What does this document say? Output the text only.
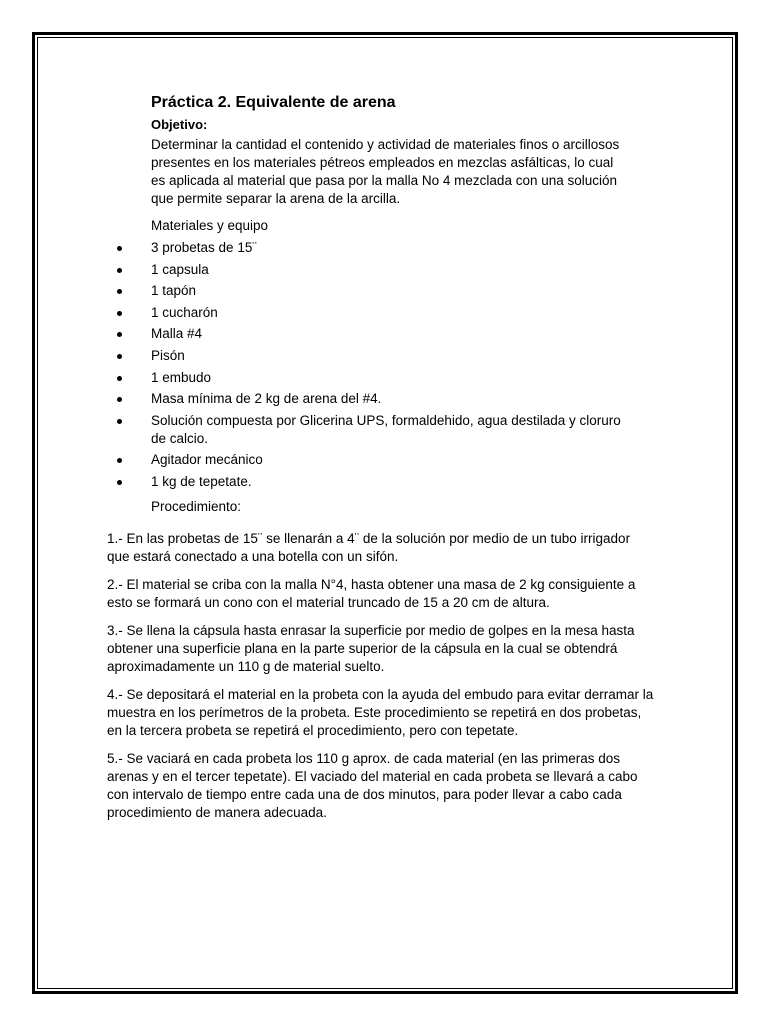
Práctica 2. Equivalente de arena
Objetivo:
Determinar la cantidad el contenido y actividad de materiales finos o arcillosos presentes en los materiales pétreos empleados en mezclas asfálticas, lo cual es aplicada al material que pasa por la malla No 4 mezclada con una solución que permite separar la arena de la arcilla.
Materiales y equipo
3 probetas de 15¨
1 capsula
1 tapón
1 cucharón
Malla #4
Pisón
1 embudo
Masa mínima de 2 kg de arena del #4.
Solución compuesta por Glicerina UPS, formaldehido, agua destilada y cloruro de calcio.
Agitador mecánico
1 kg de tepetate.
Procedimiento:

1.- En las probetas de 15¨ se llenarán a 4¨ de la solución por medio de un tubo irrigador que estará conectado a una botella con un sifón.

2.- El material se criba con la malla N°4, hasta obtener una masa de 2 kg consiguiente a esto se formará un cono con el material truncado de 15 a 20 cm de altura.

3.- Se llena la cápsula hasta enrasar la superficie por medio de golpes en la mesa hasta obtener una superficie plana en la parte superior de la cápsula en la cual se obtendrá aproximadamente un 110 g de material suelto.

4.- Se depositará el material en la probeta con la ayuda del embudo para evitar derramar la muestra en los perímetros de la probeta. Este procedimiento se repetirá en dos probetas, en la tercera probeta se repetirá el procedimiento, pero con tepetate.

5.- Se vaciará en cada probeta los 110 g aprox. de cada material (en las primeras dos arenas y en el tercer tepetate). El vaciado del material en cada probeta se llevará a cabo con intervalo de tiempo entre cada una de dos minutos, para poder llevar a cabo cada procedimiento de manera adecuada.
